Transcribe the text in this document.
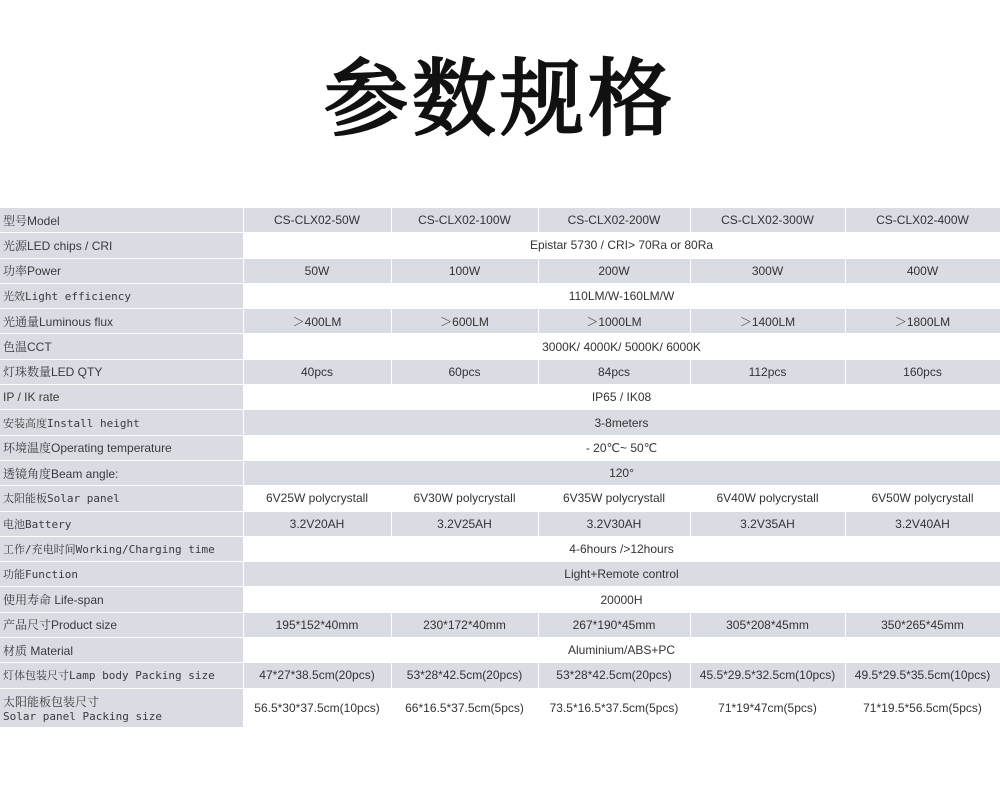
参数规格
型号Model	CS-CLX02-50W	CS-CLX02-100W	CS-CLX02-200W	CS-CLX02-300W	CS-CLX02-400W
光源LED chips / CRI	Epistar 5730 / CRI> 70Ra or 80Ra				
功率Power	50W	100W	200W	300W	400W
光效Light efficiency	110LM/W-160LM/W				
光通量Luminous flux	＞400LM	＞600LM	＞1000LM	＞1400LM	＞1800LM
色温CCT	3000K/ 4000K/ 5000K/ 6000K				
灯珠数量LED QTY	40pcs	60pcs	84pcs	112pcs	160pcs
IP / IK rate	IP65 / IK08				
安装高度Install height	3-8meters				
环境温度Operating temperature	- 20℃~ 50℃				
透镜角度Beam angle:	120°				
太阳能板Solar panel	6V25W polycrystall	6V30W polycrystall	6V35W polycrystall	6V40W polycrystall	6V50W polycrystall
电池Battery	3.2V20AH	3.2V25AH	3.2V30AH	3.2V35AH	3.2V40AH
工作/充电时间Working/Charging time	4-6hours />12hours				
功能Function	Light+Remote control				
使用寿命 Life-span	20000H				
产品尺寸Product size	195*152*40mm	230*172*40mm	267*190*45mm	305*208*45mm	350*265*45mm
材质 Material	Aluminium/ABS+PC				
灯体包装尺寸Lamp body Packing size	47*27*38.5cm(20pcs)	53*28*42.5cm(20pcs)	53*28*42.5cm(20pcs)	45.5*29.5*32.5cm(10pcs)	49.5*29.5*35.5cm(10pcs)
太阳能板包装尺寸
Solar panel Packing size	56.5*30*37.5cm(10pcs)	66*16.5*37.5cm(5pcs)	73.5*16.5*37.5cm(5pcs)	71*19*47cm(5pcs)	71*19.5*56.5cm(5pcs)
